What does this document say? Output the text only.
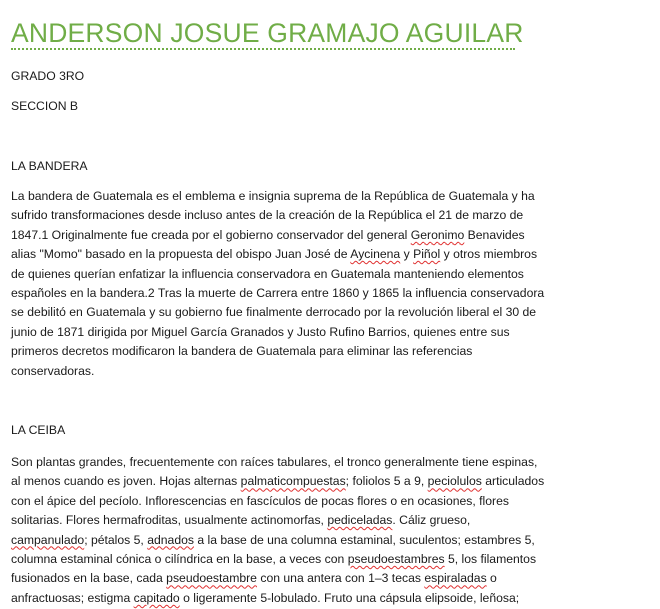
ANDERSON JOSUE GRAMAJO AGUILAR
GRADO 3RO
SECCION B
LA BANDERA
La bandera de Guatemala es el emblema e insignia suprema de la República de Guatemala y ha
sufrido transformaciones desde incluso antes de la creación de la República el 21 de marzo de
1847.1 Originalmente fue creada por el gobierno conservador del general Geronimo Benavides
alias "Momo" basado en la propuesta del obispo Juan José de Aycinena y Piñol y otros miembros
de quienes querían enfatizar la influencia conservadora en Guatemala manteniendo elementos
españoles en la bandera.2 Tras la muerte de Carrera entre 1860 y 1865 la influencia conservadora
se debilitó en Guatemala y su gobierno fue finalmente derrocado por la revolución liberal el 30 de
junio de 1871 dirigida por Miguel García Granados y Justo Rufino Barrios, quienes entre sus
primeros decretos modificaron la bandera de Guatemala para eliminar las referencias
conservadoras.
LA CEIBA
Son plantas grandes, frecuentemente con raíces tabulares, el tronco generalmente tiene espinas,
al menos cuando es joven. Hojas alternas palmaticompuestas; foliolos 5 a 9, peciolulos articulados
con el ápice del pecíolo. Inflorescencias en fascículos de pocas flores o en ocasiones, flores
solitarias. Flores hermafroditas, usualmente actinomorfas, pediceladas. Cáliz grueso,
campanulado; pétalos 5, adnados a la base de una columna estaminal, suculentos; estambres 5,
columna estaminal cónica o cilíndrica en la base, a veces con pseudoestambres 5, los filamentos
fusionados en la base, cada pseudoestambre con una antera con 1–3 tecas espiraladas o
anfractuosas; estigma capitado o ligeramente 5-lobulado. Fruto una cápsula elipsoide, leñosa;
